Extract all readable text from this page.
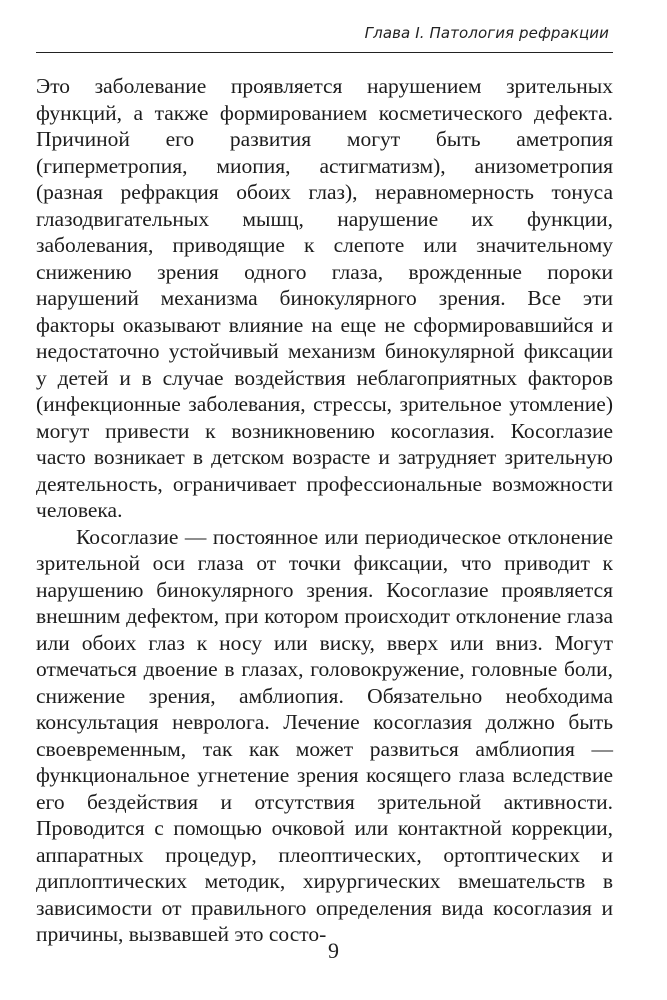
Глава I. Патология рефракции

Это заболевание проявляется нарушением зрительных функций, а также формированием косметического дефекта. Причиной его развития могут быть аметропия (гиперметропия, миопия, астигматизм), анизометропия (разная рефракция обоих глаз), неравномерность тонуса глазодвигательных мышц, нарушение их функции, заболевания, приводящие к слепоте или значительному снижению зрения одного глаза, врожденные пороки нарушений механизма бинокулярного зрения. Все эти факторы оказывают влияние на еще не сформировавшийся и недостаточно устойчивый механизм бинокулярной фиксации у детей и в случае воздействия неблагоприятных факторов (инфекционные заболевания, стрессы, зрительное утомление) могут привести к возникновению косоглазия. Косоглазие часто возникает в детском возрасте и затрудняет зрительную деятельность, ограничивает профессиональные возможности человека.

Косоглазие — постоянное или периодическое отклонение зрительной оси глаза от точки фиксации, что приводит к нарушению бинокулярного зрения. Косоглазие проявляется внешним дефектом, при котором происходит отклонение глаза или обоих глаз к носу или виску, вверх или вниз. Могут отмечаться двоение в глазах, головокружение, головные боли, снижение зрения, амблиопия. Обязательно необходима консультация невролога. Лечение косоглазия должно быть своевременным, так как может развиться амблиопия — функциональное угнетение зрения косящего глаза вследствие его бездействия и отсутствия зрительной активности. Проводится с помощью очковой или контактной коррекции, аппаратных процедур, плеоптических, ортоптических и диплоптических методик, хирургических вмешательств в зависимости от правильного определения вида косоглазия и причины, вызвавшей это состо-

9
